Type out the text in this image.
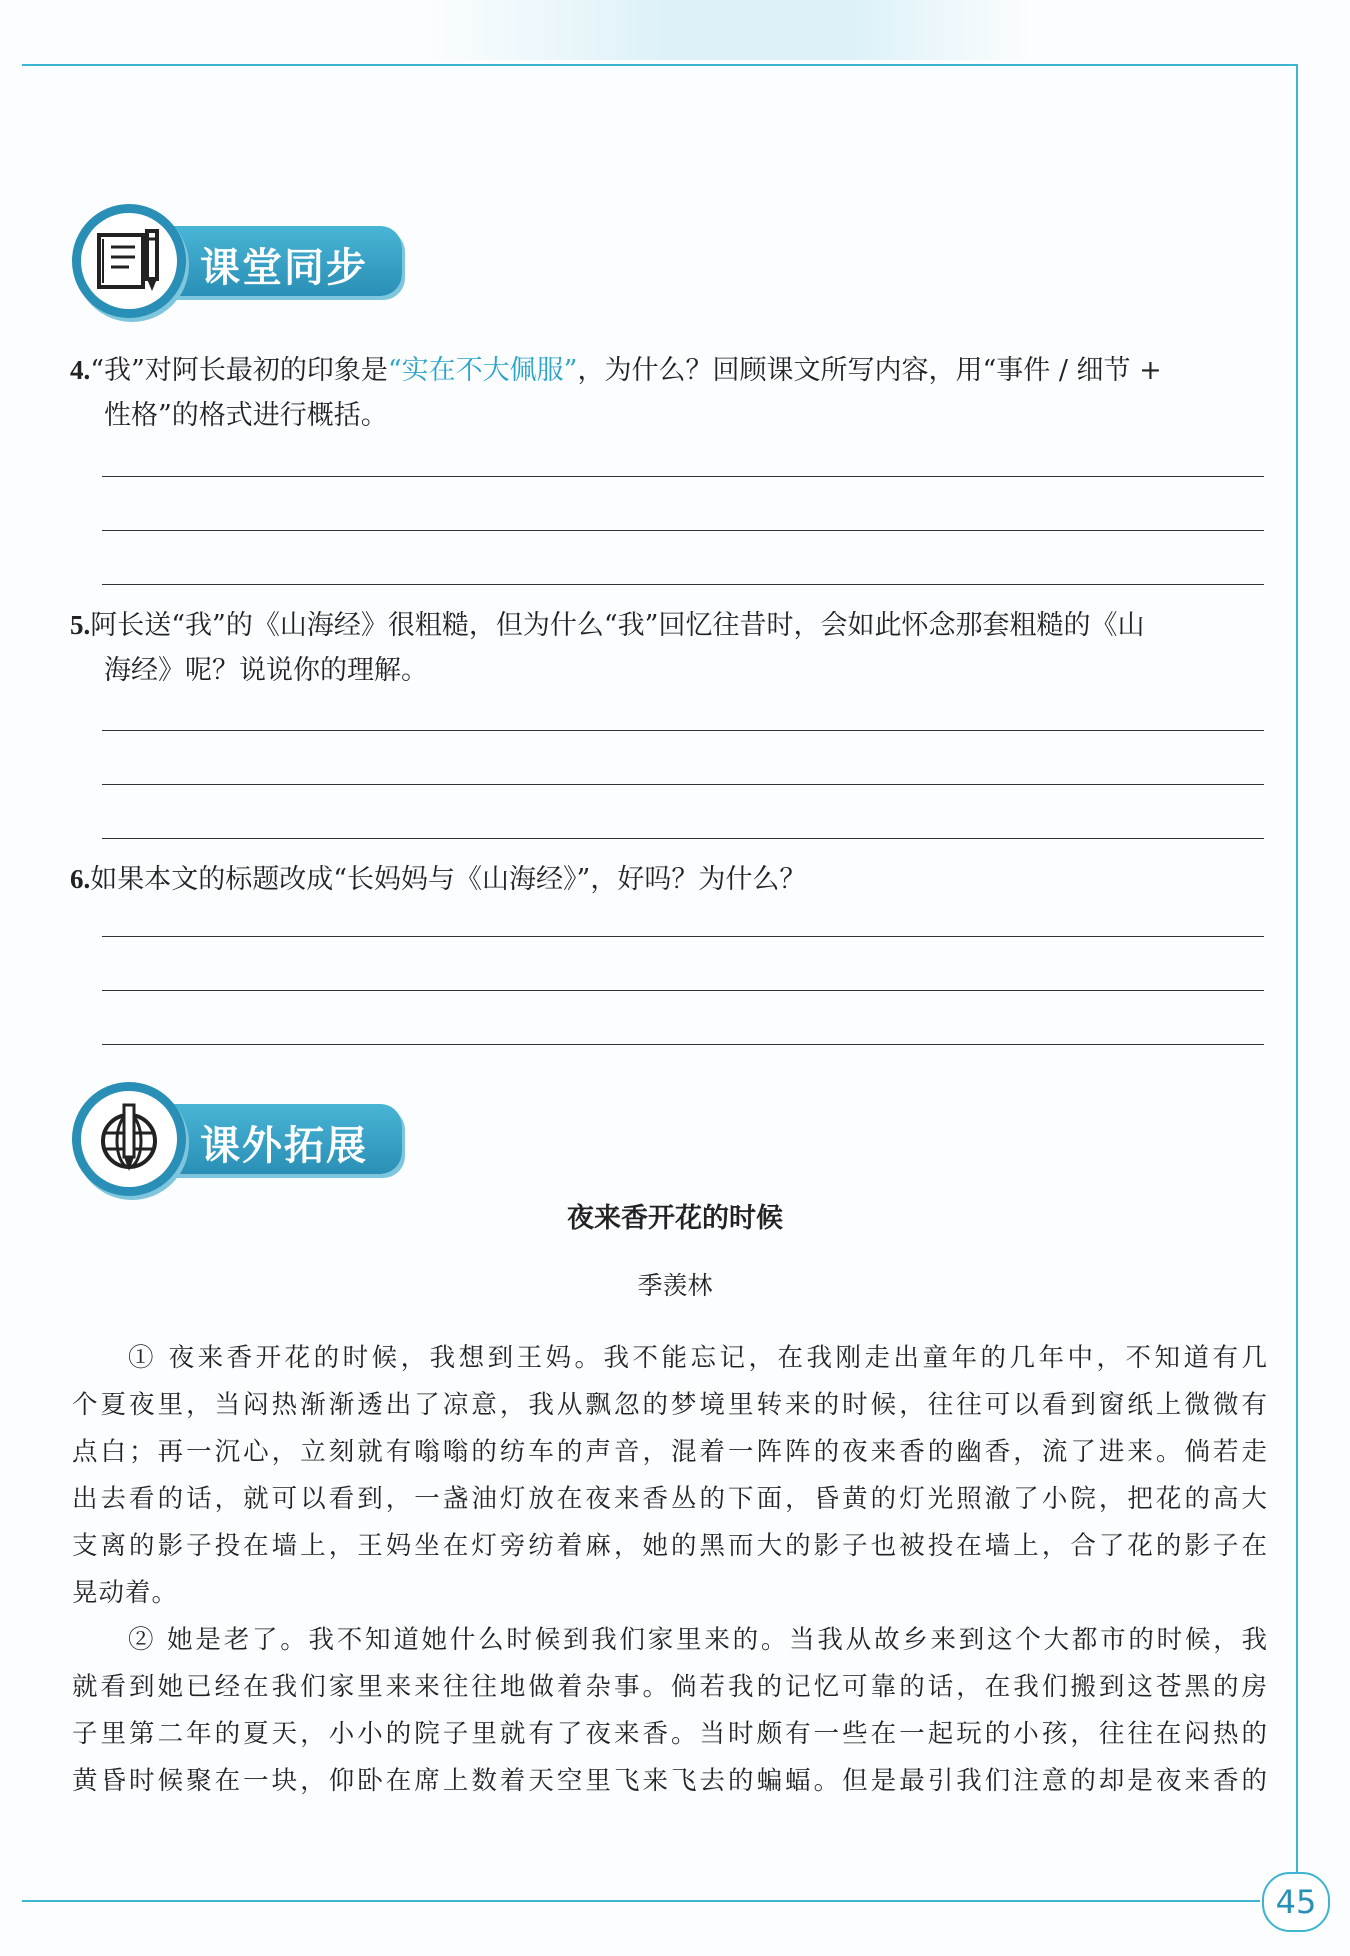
课堂同步
4.“我”对阿长最初的印象是“实在不大佩服”，为什么？回顾课文所写内容，用“事件 / 细节 +
性格”的格式进行概括。
5.阿长送“我”的《山海经》很粗糙，但为什么“我”回忆往昔时，会如此怀念那套粗糙的《山
海经》呢？说说你的理解。
6.如果本文的标题改成“长妈妈与《山海经》”，好吗？为什么？
课外拓展
夜来香开花的时候
季羡林
① 夜来香开花的时候，我想到王妈。我不能忘记，在我刚走出童年的几年中，不知道有几
个夏夜里，当闷热渐渐透出了凉意，我从飘忽的梦境里转来的时候，往往可以看到窗纸上微微有
点白；再一沉心，立刻就有嗡嗡的纺车的声音，混着一阵阵的夜来香的幽香，流了进来。倘若走
出去看的话，就可以看到，一盏油灯放在夜来香丛的下面，昏黄的灯光照澈了小院，把花的高大
支离的影子投在墙上，王妈坐在灯旁纺着麻，她的黑而大的影子也被投在墙上，合了花的影子在
晃动着。
② 她是老了。我不知道她什么时候到我们家里来的。当我从故乡来到这个大都市的时候，我
就看到她已经在我们家里来来往往地做着杂事。倘若我的记忆可靠的话，在我们搬到这苍黑的房
子里第二年的夏天，小小的院子里就有了夜来香。当时颇有一些在一起玩的小孩，往往在闷热的
黄昏时候聚在一块，仰卧在席上数着天空里飞来飞去的蝙蝠。但是最引我们注意的却是夜来香的
45
